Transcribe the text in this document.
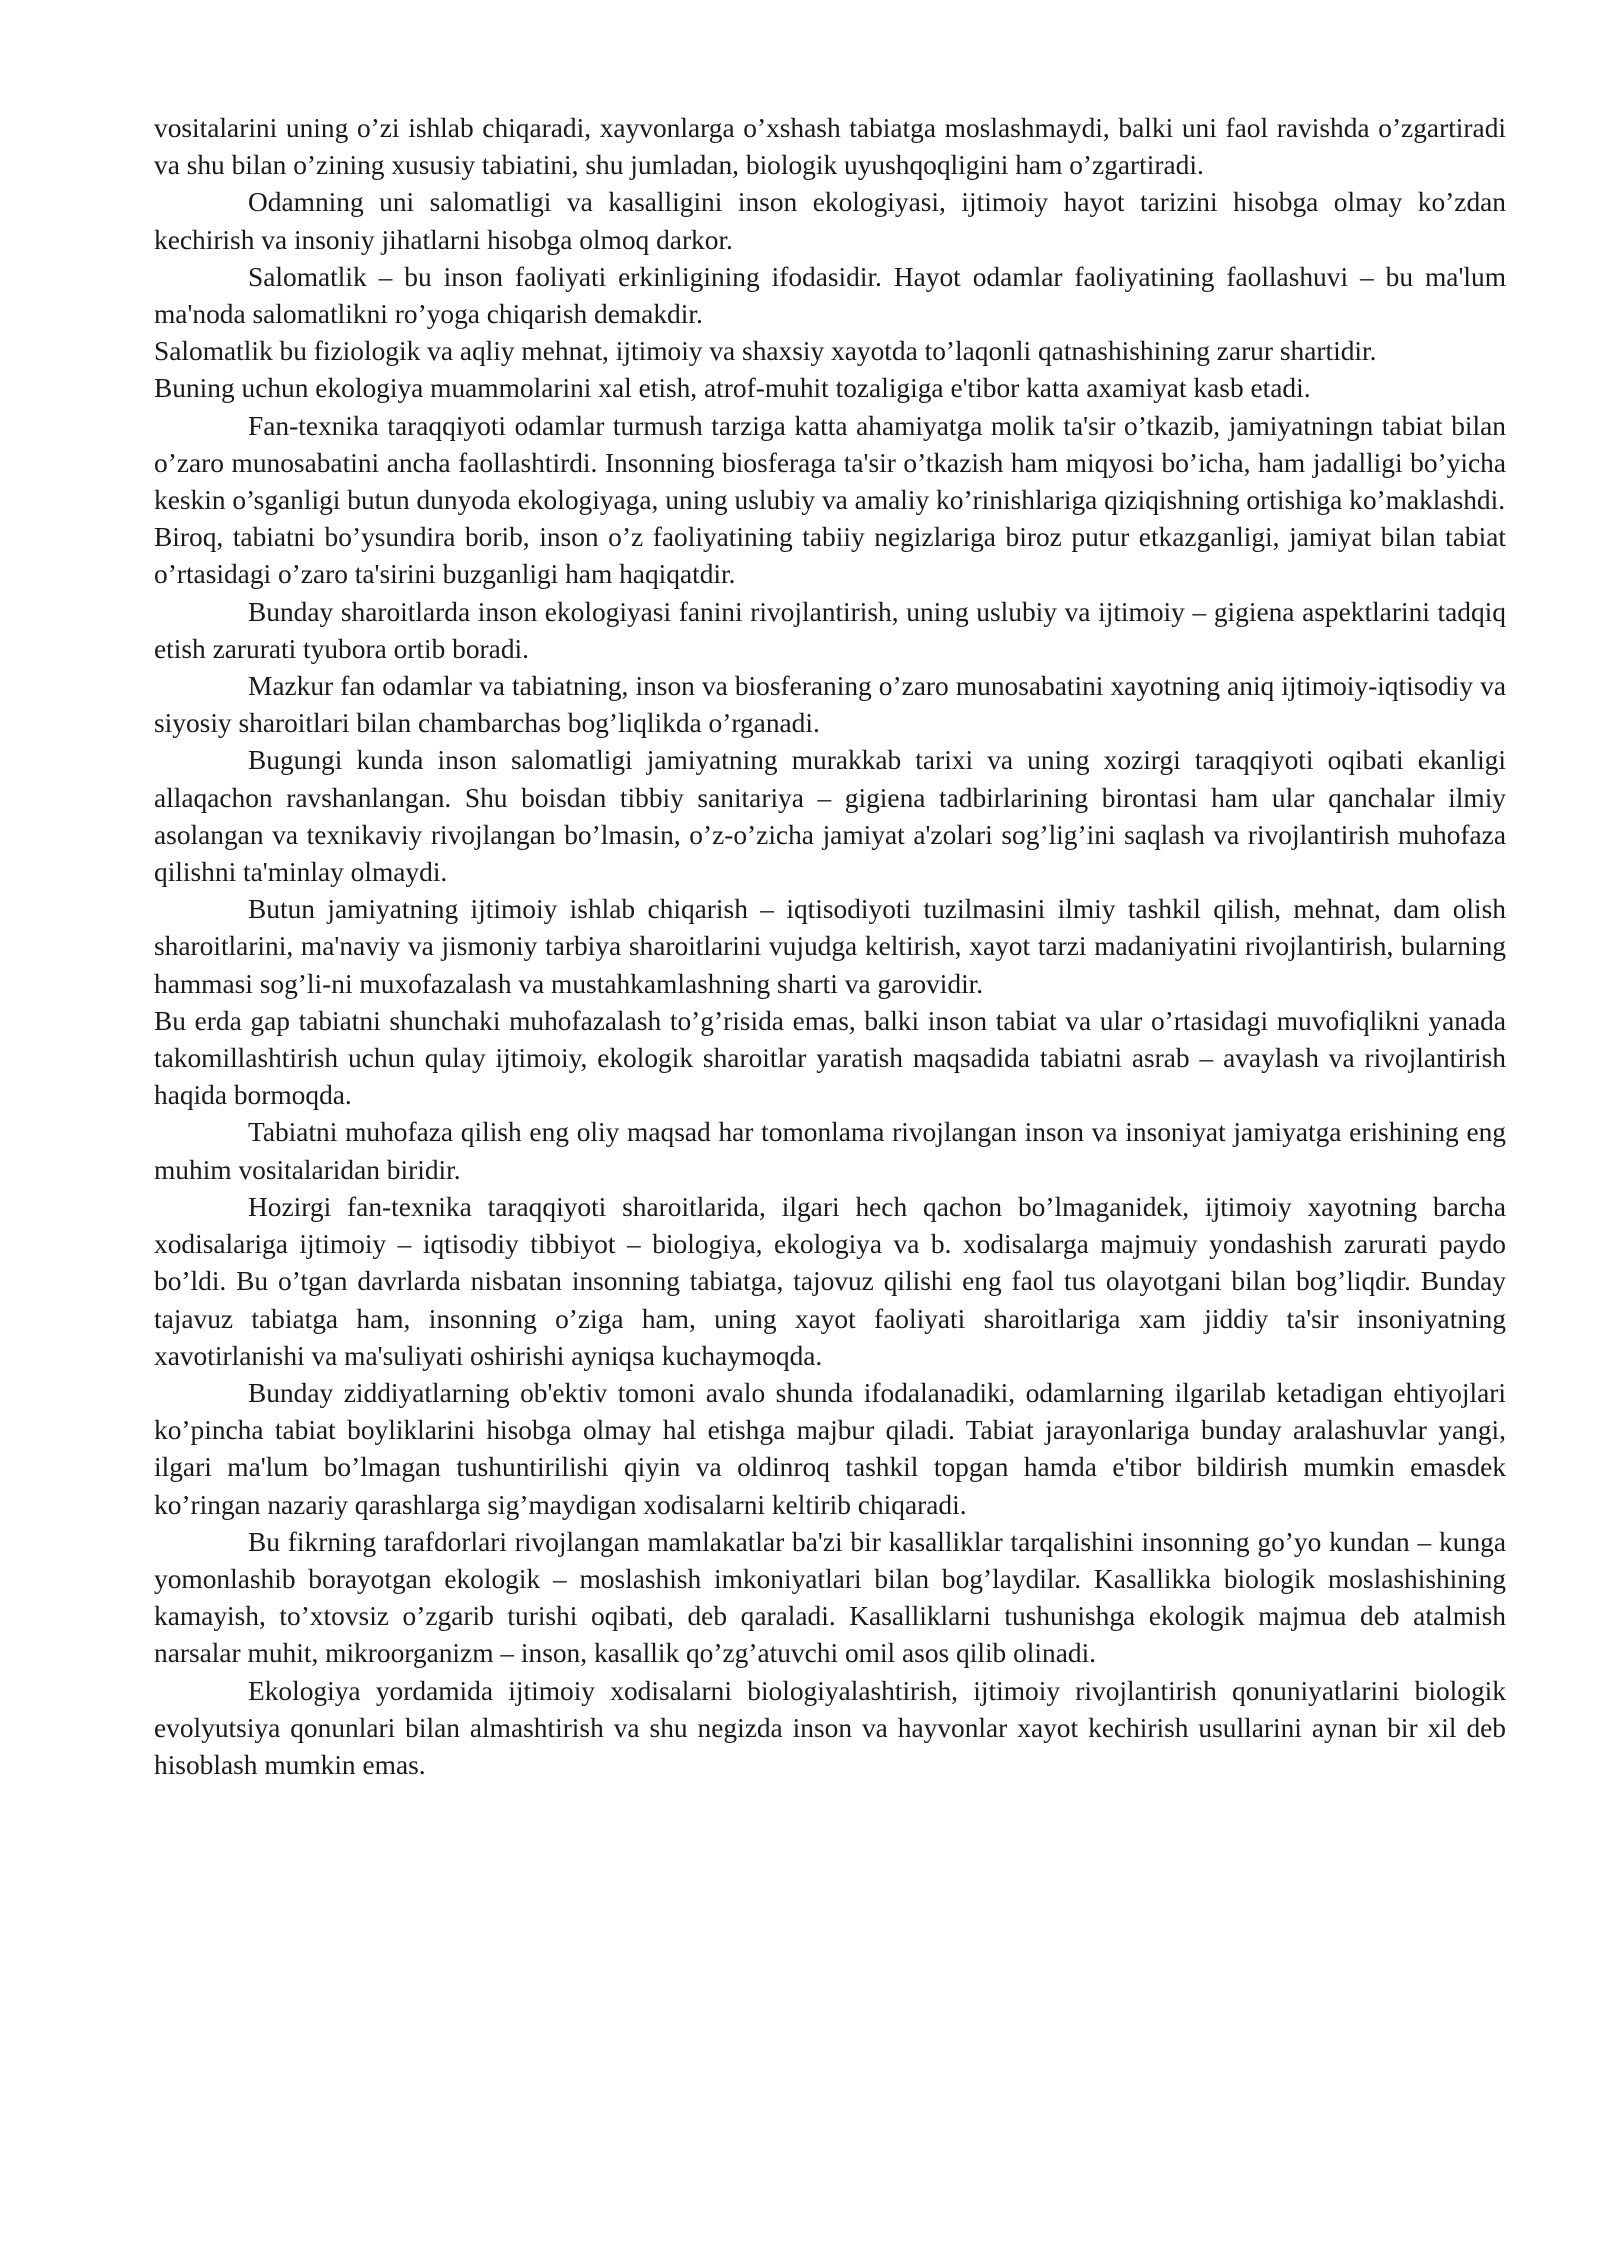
vositalarini uning o’zi ishlab chiqaradi, xayvonlarga o’xshash tabiatga moslashmaydi, balki uni faol ravishda o’zgartiradi va shu bilan o’zining xususiy tabiatini, shu jumladan, biologik uyushqoqligini ham o’zgartiradi.

Odamning uni salomatligi va kasalligini inson ekologiyasi, ijtimoiy hayot tarizini hisobga olmay ko’zdan kechirish va insoniy jihatlarni hisobga olmoq darkor.

Salomatlik – bu inson faoliyati erkinligining ifodasidir. Hayot odamlar faoliyatining faollashuvi – bu ma'lum ma'noda salomatlikni ro’yoga chiqarish demakdir.

Salomatlik bu fiziologik va aqliy mehnat, ijtimoiy va shaxsiy xayotda to’laqonli qatnashishining zarur shartidir.

Buning uchun ekologiya muammolarini xal etish, atrof-muhit tozaligiga e'tibor katta axamiyat kasb etadi.

Fan-texnika taraqqiyoti odamlar turmush tarziga katta ahamiyatga molik ta'sir o’tkazib, jamiyatningn tabiat bilan o’zaro munosabatini ancha faollashtirdi. Insonning biosferaga ta'sir o’tkazish ham miqyosi bo’icha, ham jadalligi bo’yicha keskin o’sganligi butun dunyoda ekologiyaga, uning uslubiy va amaliy ko’rinishlariga qiziqishning ortishiga ko’maklashdi.

Biroq, tabiatni bo’ysundira borib, inson o’z faoliyatining tabiiy negizlariga biroz putur etkazganligi, jamiyat bilan tabiat o’rtasidagi o’zaro ta'sirini buzganligi ham haqiqatdir.

Bunday sharoitlarda inson ekologiyasi fanini rivojlantirish, uning uslubiy va ijtimoiy – gigiena aspektlarini tadqiq etish zarurati tyubora ortib boradi.

Mazkur fan odamlar va tabiatning, inson va biosferaning o’zaro munosabatini xayotning aniq ijtimoiy-iqtisodiy va siyosiy sharoitlari bilan chambarchas bog’liqlikda o’rganadi.

Bugungi kunda inson salomatligi jamiyatning murakkab tarixi va uning xozirgi taraqqiyoti oqibati ekanligi allaqachon ravshanlangan. Shu boisdan tibbiy sanitariya – gigiena tadbirlarining birontasi ham ular qanchalar ilmiy asolangan va texnikaviy rivojlangan bo’lmasin, o’z-o’zicha jamiyat a'zolari sog’lig’ini saqlash va rivojlantirish muhofaza qilishni ta'minlay olmaydi.

Butun jamiyatning ijtimoiy ishlab chiqarish – iqtisodiyoti tuzilmasini ilmiy tashkil qilish, mehnat, dam olish sharoitlarini, ma'naviy va jismoniy tarbiya sharoitlarini vujudga keltirish, xayot tarzi madaniyatini rivojlantirish, bularning hammasi sog’li-ni muxofazalash va mustahkamlashning sharti va garovidir.

Bu erda gap tabiatni shunchaki muhofazalash to’g’risida emas, balki inson tabiat va ular o’rtasidagi muvofiqlikni yanada takomillashtirish uchun qulay ijtimoiy, ekologik sharoitlar yaratish maqsadida tabiatni asrab – avaylash va rivojlantirish haqida bormoqda.

Tabiatni muhofaza qilish eng oliy maqsad har tomonlama rivojlangan inson va insoniyat jamiyatga erishining eng muhim vositalaridan biridir.

Hozirgi fan-texnika taraqqiyoti sharoitlarida, ilgari hech qachon bo’lmaganidek, ijtimoiy xayotning barcha xodisalariga ijtimoiy – iqtisodiy tibbiyot – biologiya, ekologiya va b. xodisalarga majmuiy yondashish zarurati paydo bo’ldi. Bu o’tgan davrlarda nisbatan insonning tabiatga, tajovuz qilishi eng faol tus olayotgani bilan bog’liqdir. Bunday tajavuz tabiatga ham, insonning o’ziga ham, uning xayot faoliyati sharoitlariga xam jiddiy ta'sir insoniyatning xavotirlanishi va ma'suliyati oshirishi ayniqsa kuchaymoqda.

Bunday ziddiyatlarning ob'ektiv tomoni avalo shunda ifodalanadiki, odamlarning ilgarilab ketadigan ehtiyojlari ko’pincha tabiat boyliklarini hisobga olmay hal etishga majbur qiladi. Tabiat jarayonlariga bunday aralashuvlar yangi, ilgari ma'lum bo’lmagan tushuntirilishi qiyin va oldinroq tashkil topgan hamda e'tibor bildirish mumkin emasdek ko’ringan nazariy qarashlarga sig’maydigan xodisalarni keltirib chiqaradi.

Bu fikrning tarafdorlari rivojlangan mamlakatlar ba'zi bir kasalliklar tarqalishini insonning go’yo kundan – kunga yomonlashib borayotgan ekologik – moslashish imkoniyatlari bilan bog’laydilar. Kasallikka biologik moslashishining kamayish, to’xtovsiz o’zgarib turishi oqibati, deb qaraladi. Kasalliklarni tushunishga ekologik majmua deb atalmish narsalar muhit, mikroorganizm – inson, kasallik qo’zg’atuvchi omil asos qilib olinadi.

Ekologiya yordamida ijtimoiy xodisalarni biologiyalashtirish, ijtimoiy rivojlantirish qonuniyatlarini biologik evolyutsiya qonunlari bilan almashtirish va shu negizda inson va hayvonlar xayot kechirish usullarini aynan bir xil deb hisoblash mumkin emas.
